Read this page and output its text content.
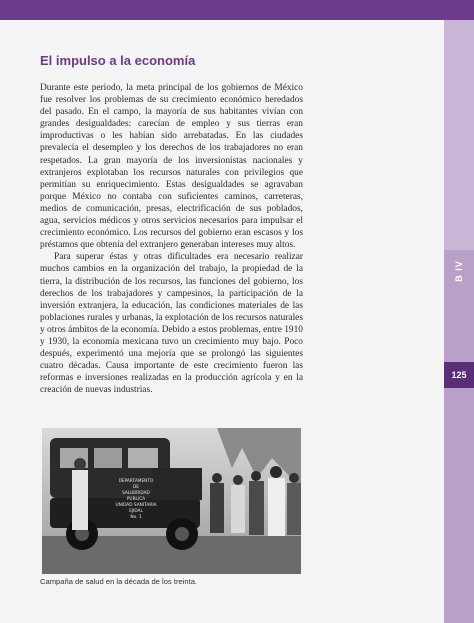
B IV
125
El impulso a la economía

Durante este periodo, la meta principal de los gobiernos de México fue resolver los problemas de su crecimiento económico heredados del pasado. En el campo, la mayoría de sus habitantes vivían con grandes desigualdades: carecían de empleo y sus tierras eran improductivas o les habían sido arrebatadas. En las ciudades prevalecía el desempleo y los derechos de los trabajadores no eran respetados. La gran mayoría de los inversionistas nacionales y extranjeros explotaban los recursos naturales con privilegios que permitían su enriquecimiento. Estas desigualdades se agravaban porque México no contaba con suficientes caminos, carreteras, medios de comunicación, presas, electrificación de sus poblados, agua, servicios médicos y otros servicios necesarios para impulsar el crecimiento económico. Los recursos del gobierno eran escasos y los préstamos que obtenía del extranjero generaban intereses muy altos.

Para superar éstas y otras dificultades era necesario realizar muchos cambios en la organización del trabajo, la propiedad de la tierra, la distribución de los recursos, las funciones del gobierno, los derechos de los trabajadores y campesinos, la participación de la inversión extranjera, la educación, las condiciones materiales de las poblaciones rurales y urbanas, la explotación de los recursos naturales y otros ámbitos de la economía. Debido a estos problemas, entre 1910 y 1930, la economía mexicana tuvo un crecimiento muy bajo. Poco después, experimentó una mejoría que se prolongó las siguientes cuatro décadas. Causa importante de este crecimiento fueron las reformas e inversiones realizadas en la producción agrícola y en la creación de nuevas industrias.

DEPARTAMENTO
DE
SALUBRIDAD
PÚBLICA
UNIDAD SANITARIA
EJIDAL
No. 1
Campaña de salud en la década de los treinta.
